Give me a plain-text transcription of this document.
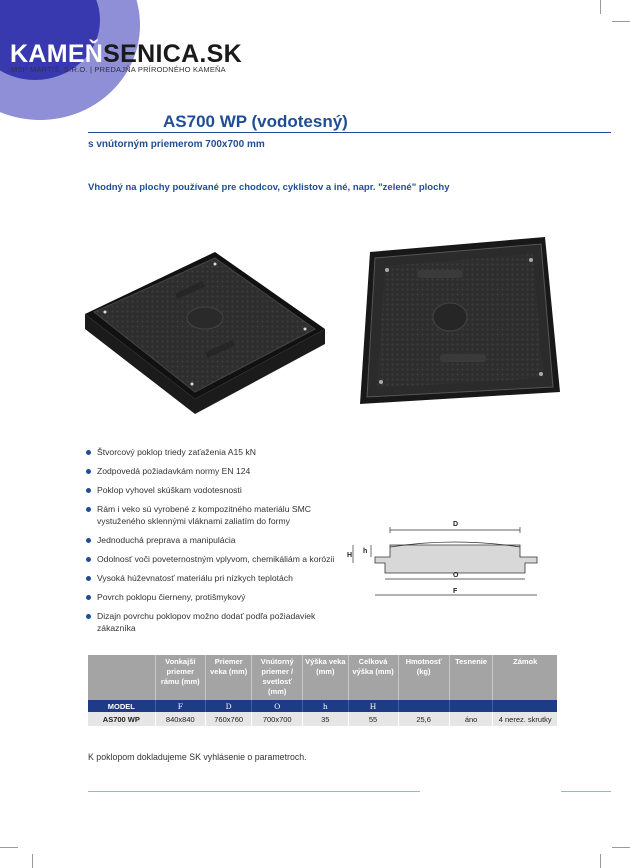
KAMEŇSENICA.SK
MSP MARTIŠ, S.R.O. | PREDAJŇA PRÍRODNÉHO KAMEŇA
AS700 WP (vodotesný)
s vnútorným priemerom 700x700 mm
Vhodný na plochy používané pre chodcov, cyklistov a iné, napr. "zelené" plochy
Štvorcový poklop triedy zaťaženia A15 kN
Zodpovedá požiadavkám normy EN 124
Poklop vyhovel skúškam vodotesnosti
Rám i veko sú vyrobené z kompozitného materiálu SMC vystuženého sklennými vláknami zaliatím do formy
Jednoduchá preprava a manipulácia
Odolnosť voči poveternostným vplyvom, chemikáliám a korózii
Vysoká húževnatosť materiálu pri nízkych teplotách
Povrch poklopu čierneny, protišmykový
Dizajn povrchu poklopov možno dodať podľa požiadaviek zákazníka
D
H
h
O
F
	Vonkajší priemer rámu (mm)	Priemer veka (mm)	Vnútorný priemer / svetlosť (mm)	Výška veka (mm)	Celková výška (mm)	Hmotnosť (kg)	Tesnenie	Zámok
MODEL	F	D	O	h	H			
AS700 WP	840x840	760x760	700x700	35	55	25,6	áno	4 nerez. skrutky
K poklopom dokladujeme SK vyhlásenie o parametroch.
